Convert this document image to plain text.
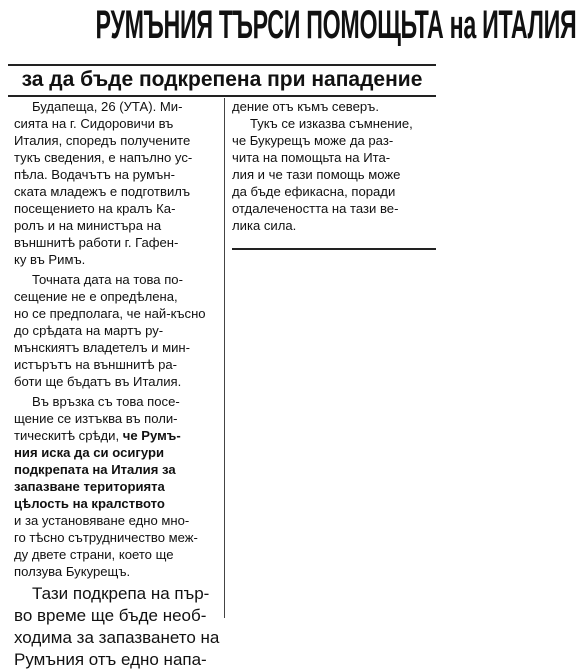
РУМЪНИЯ ТЪРСИ ПОМОЩЬТА на ИТАЛИЯ
за да бъде подкрепена при нападение
Будапеща, 26 (УТА). Ми-
сията на г. Сидоровичи въ
Италия, споредъ получените
тукъ сведения, е напълно ус-
пѣла. Водачътъ на румън-
ската младежъ е подготвилъ
посещението на кралъ Ка-
ролъ и на министъра на
външнитѣ работи г. Гафен-
ку въ Римъ.
Точната дата на това по-
сещение не е опредѣлена,
но се предполага, че най-късно
до срѣдата на мартъ ру-
мънскиятъ владетелъ и мин-
истърътъ на външнитѣ ра-
боти ще бъдатъ въ Италия.
Въ връзка съ това посе-
щение се изтъква въ поли-
тическитѣ срѣди, че Румъ-
ния иска да си осигури
подкрепата на Италия за
запазване територията
цѣлость на кралството
и за установяване едно мно-
го тѣсно сътрудничество меж-
ду двете страни, което ще
ползува Букурещъ.
Тази подкрепа на пър-
во време ще бъде необ-
ходима за запазването на
Румъния отъ едно напа-
дение отъ къмъ северъ.
Тукъ се изказва съмнение,
че Букурещъ може да раз-
чита на помощьта на Ита-
лия и че тази помощь може
да бъде ефикасна, поради
отдалечеността на тази ве-
лика сила.
